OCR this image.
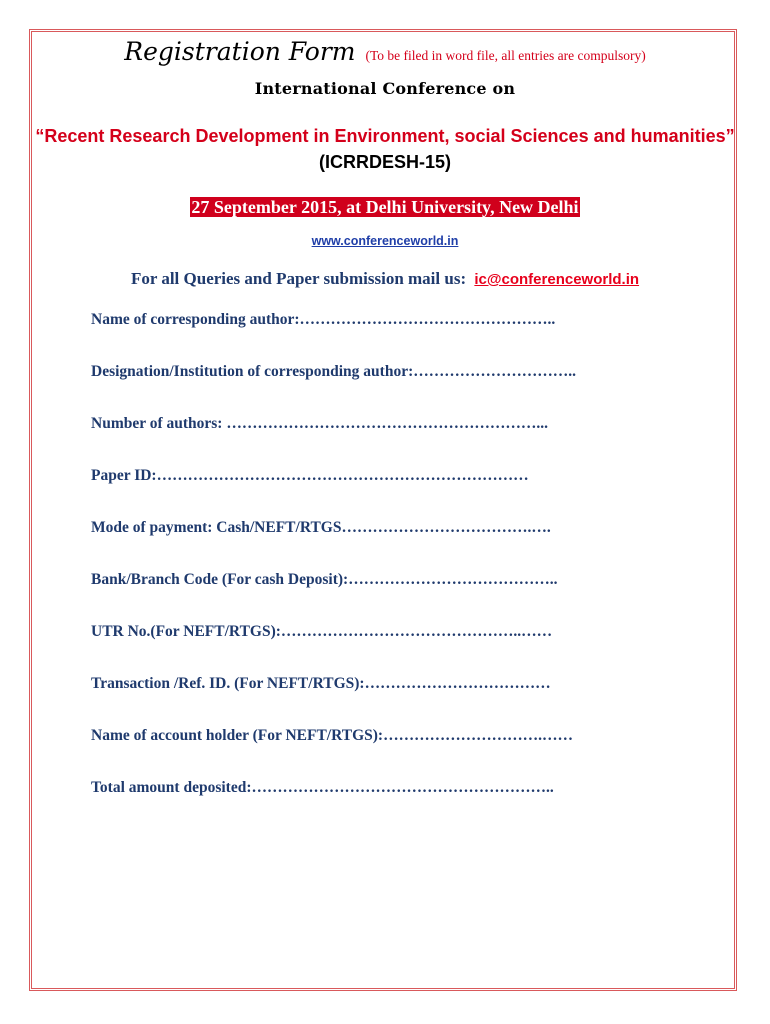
Registration Form (To be filed in word file, all entries are compulsory)
International Conference on
“Recent Research Development in Environment, social Sciences and humanities” (ICRRDESH-15)
27 September 2015, at Delhi University, New Delhi
www.conferenceworld.in
For all Queries and Paper submission mail us: ic@conferenceworld.in
Name of corresponding author:…………………………………………..
Designation/Institution of corresponding author:…………………………..
Number of authors: ……………………………………………………...
Paper ID:………………………………………………………………
Mode of payment: Cash/NEFT/RTGS……………………………….….
Bank/Branch Code (For cash Deposit):…………………………………..
UTR No.(For NEFT/RTGS):………………………………………..……
Transaction /Ref. ID. (For NEFT/RTGS):………………………………
Name of account holder (For NEFT/RTGS):………………………….……
Total amount deposited:…………………………………………………..
